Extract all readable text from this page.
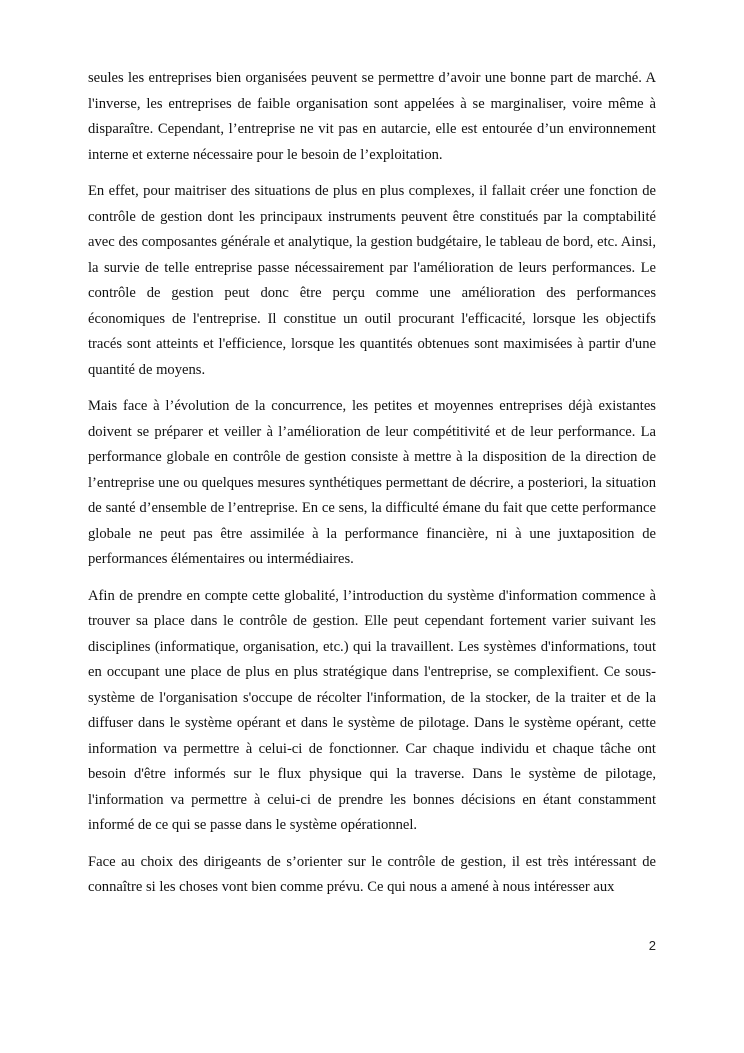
seules les entreprises bien organisées peuvent se permettre d’avoir une bonne part de marché. A l'inverse, les entreprises de faible organisation sont appelées à se marginaliser, voire même à disparaître. Cependant, l’entreprise ne vit pas en autarcie, elle est entourée d’un environnement interne et externe nécessaire pour le besoin de l’exploitation.

En effet, pour maitriser des situations de plus en plus complexes, il fallait créer une fonction de contrôle de gestion dont les principaux instruments peuvent être constitués par la comptabilité avec des composantes générale et analytique, la gestion budgétaire, le tableau de bord, etc. Ainsi, la survie de telle entreprise passe nécessairement par l'amélioration de leurs performances. Le contrôle de gestion peut donc être perçu comme une amélioration des performances économiques de l'entreprise. Il constitue un outil procurant l'efficacité, lorsque les objectifs tracés sont atteints et l'efficience, lorsque les quantités obtenues sont maximisées à partir d'une quantité de moyens.

Mais face à l’évolution de la concurrence, les petites et moyennes entreprises déjà existantes doivent se préparer et veiller à l’amélioration de leur compétitivité et de leur performance. La performance globale en contrôle de gestion consiste à mettre à la disposition de la direction de l’entreprise une ou quelques mesures synthétiques permettant de décrire, a posteriori, la situation de santé d’ensemble de l’entreprise. En ce sens, la difficulté émane du fait que cette performance globale ne peut pas être assimilée à la performance financière, ni à une juxtaposition de performances élémentaires ou intermédiaires.

Afin de prendre en compte cette globalité, l’introduction du système d'information commence à trouver sa place dans le contrôle de gestion. Elle peut cependant fortement varier suivant les disciplines (informatique, organisation, etc.) qui la travaillent. Les systèmes d'informations, tout en occupant une place de plus en plus stratégique dans l'entreprise, se complexifient. Ce sous-système de l'organisation s'occupe de récolter l'information, de la stocker, de la traiter et de la diffuser dans le système opérant et dans le système de pilotage. Dans le système opérant, cette information va permettre à celui-ci de fonctionner. Car chaque individu et chaque tâche ont besoin d'être informés sur le flux physique qui la traverse. Dans le système de pilotage, l'information va permettre à celui-ci de prendre les bonnes décisions en étant constamment informé de ce qui se passe dans le système opérationnel.

Face au choix des dirigeants de s’orienter sur le contrôle de gestion, il est très intéressant de connaître si les choses vont bien comme prévu. Ce qui nous a amené à nous intéresser aux

2
